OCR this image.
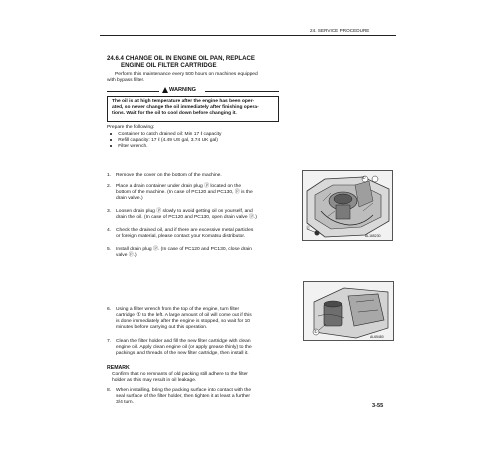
24. SERVICE PROCEDURE
24.6.4 CHANGE OIL IN ENGINE OIL PAN, REPLACE
ENGINE OIL FILTER CARTRIDGE
Perform this maintenance every 500 hours on machines equipped
with bypass filter.
WARNING
The oil is at high temperature after the engine has been oper-
ated, so never change the oil immediately after finishing opera-
tions. Wait for the oil to cool down before changing it.
Prepare the following:
Container to catch drained oil: Min 17 ℓ capacity
Refill capacity: 17 ℓ (4.49 US gal, 3.74 UK gal)
Filter wrench.
1. Remove the cover on the bottom of the machine.
2. Place a drain container under drain plug ⓟ located on the
bottom of the machine. (In case of PC120 and PC130, ⓟ is the
drain valve.)
3. Loosen drain plug ⓟ slowly to avoid getting oil on yourself, and
drain the oil. (In case of PC120 and PC130, open drain valve ⓟ.)
4. Check the drained oil, and if there are excessive metal particles
or foreign material, please contact your Komatsu distributor.
5. Install drain plug ⓟ. (In case of PC120 and PC130, close drain
valve ⓟ.)
6. Using a filter wrench from the top of the engine, turn filter
cartridge ① to the left. A large amount of oil will come out if this
is done immediately after the engine is stopped, so wait for 10
minutes before carrying out this operation.
7. Clean the filter holder and fill the new filter cartridge with clean
engine oil. Apply clean engine oil (or apply grease thinly) to the
packings and threads of the new filter cartridge, then install it.
REMARK
Confirm that no remnants of old packing still adhere to the filter
holder as this may result in oil leakage.
8. When installing, bring the packing surface into contact with the
seal surface of the filter holder, then tighten it at least a further
3/4 turn.
①
ⓟ
AL165230
①
AL65480
3-55
